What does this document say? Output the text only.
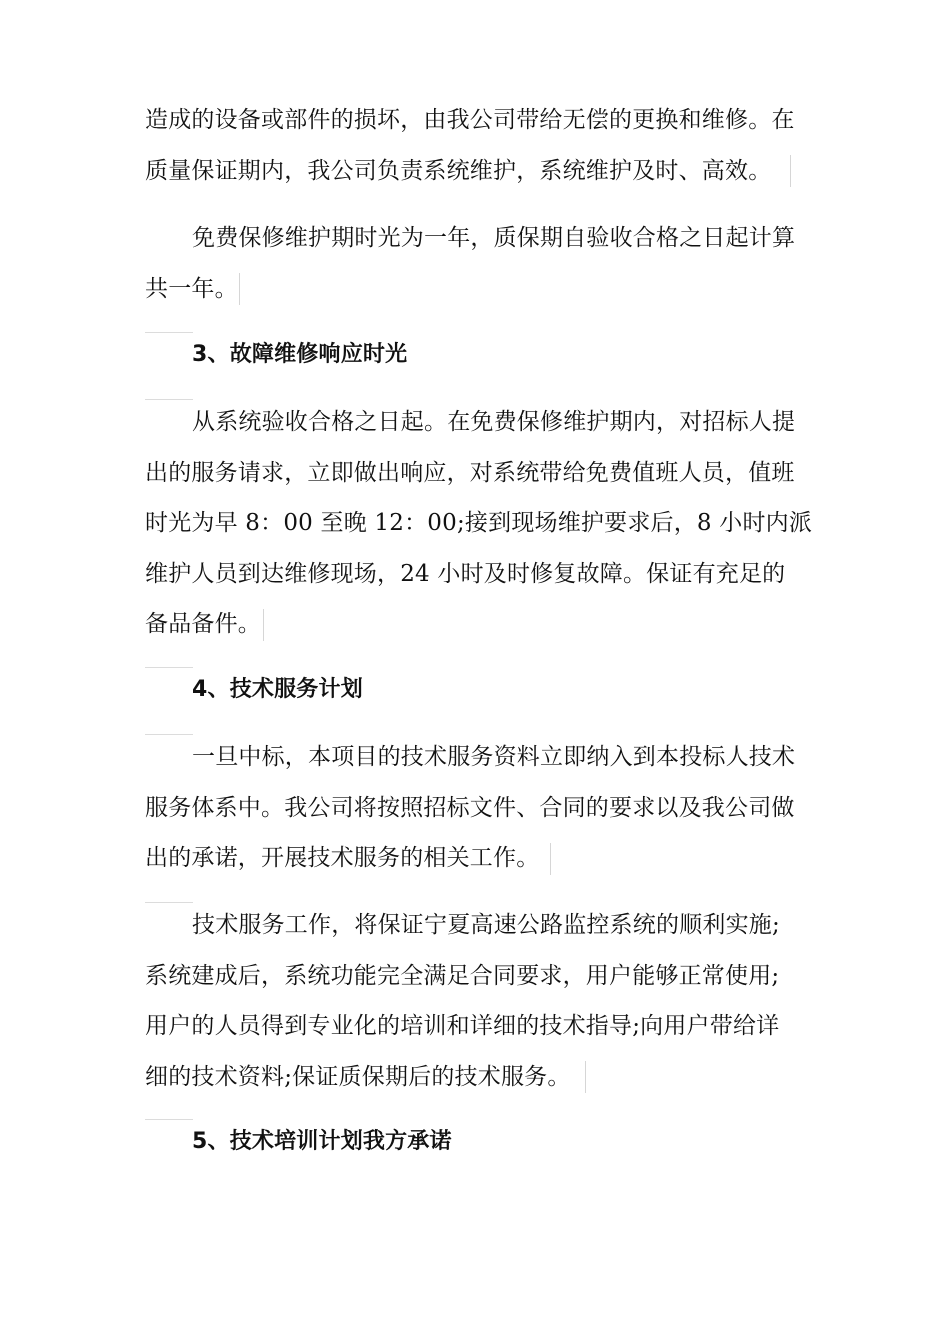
造成的设备或部件的损坏，由我公司带给无偿的更换和维修。在
质量保证期内，我公司负责系统维护，系统维护及时、高效。
免费保修维护期时光为一年，质保期自验收合格之日起计算
共一年。
3、故障维修响应时光
从系统验收合格之日起。在免费保修维护期内，对招标人提
出的服务请求，立即做出响应，对系统带给免费值班人员，值班
时光为早 8：00 至晚 12：00;接到现场维护要求后，8 小时内派
维护人员到达维修现场，24 小时及时修复故障。保证有充足的
备品备件。
4、技术服务计划
一旦中标，本项目的技术服务资料立即纳入到本投标人技术
服务体系中。我公司将按照招标文件、合同的要求以及我公司做
出的承诺，开展技术服务的相关工作。
技术服务工作，将保证宁夏高速公路监控系统的顺利实施;
系统建成后，系统功能完全满足合同要求，用户能够正常使用;
用户的人员得到专业化的培训和详细的技术指导;向用户带给详
细的技术资料;保证质保期后的技术服务。
5、技术培训计划我方承诺
